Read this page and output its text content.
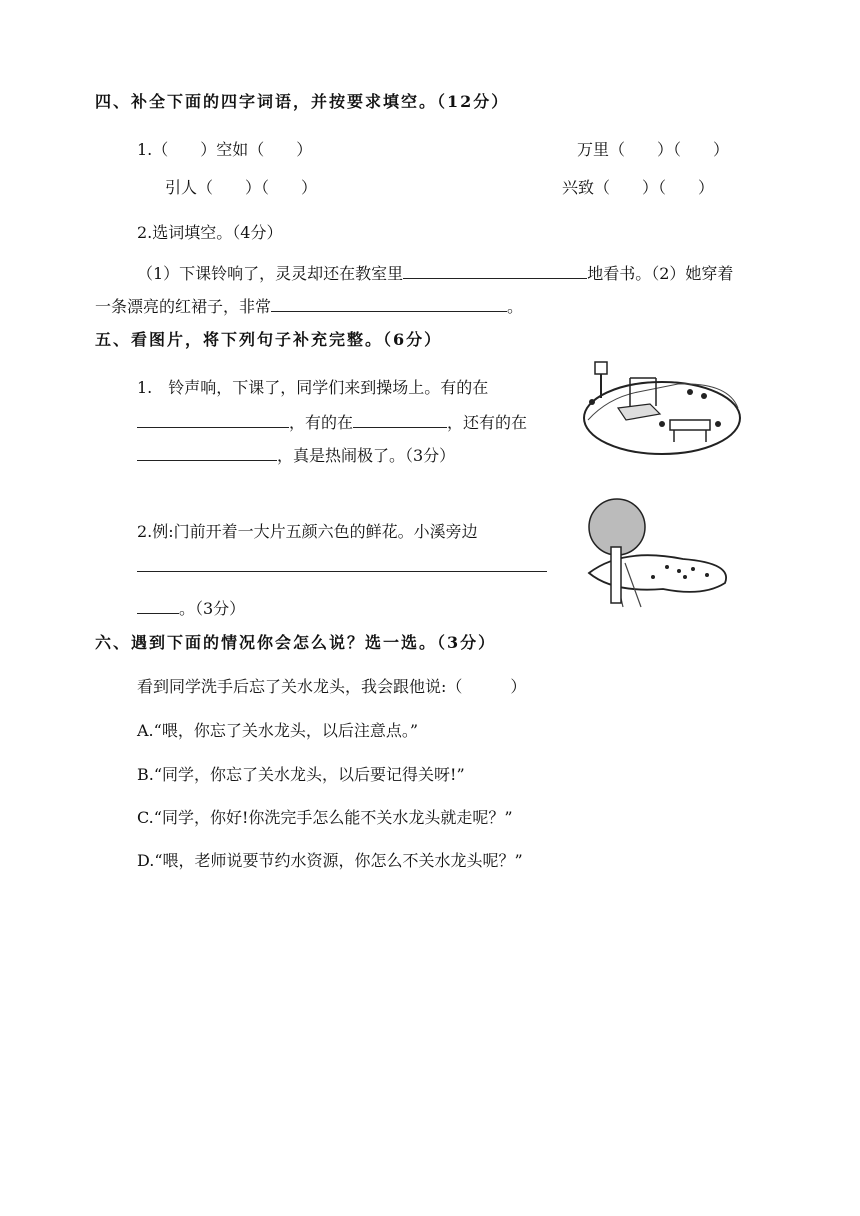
四、补全下面的四字词语，并按要求填空。（12分）
1.（　　）空如（　　）	万里（　　）（　　）
引人（　　）（　　）	兴致（　　）（　　）
2.选词填空。（4分）
（1）下课铃响了，灵灵却还在教室里	地看书。（2）她穿着
一条漂亮的红裙子，非常	。
五、看图片，将下列句子补充完整。（6分）
1.　铃声响，下课了，同学们来到操场上。有的在
，有的在	，还有的在
，真是热闹极了。（3分）
2.例:门前开着一大片五颜六色的鲜花。小溪旁边
。（3分）
六、遇到下面的情况你会怎么说？选一选。（3分）
看到同学洗手后忘了关水龙头，我会跟他说:（　　　）
A.“喂，你忘了关水龙头，以后注意点。”
B.“同学，你忘了关水龙头，以后要记得关呀!”
C.“同学，你好!你洗完手怎么能不关水龙头就走呢？”
D.“喂，老师说要节约水资源，你怎么不关水龙头呢？”
